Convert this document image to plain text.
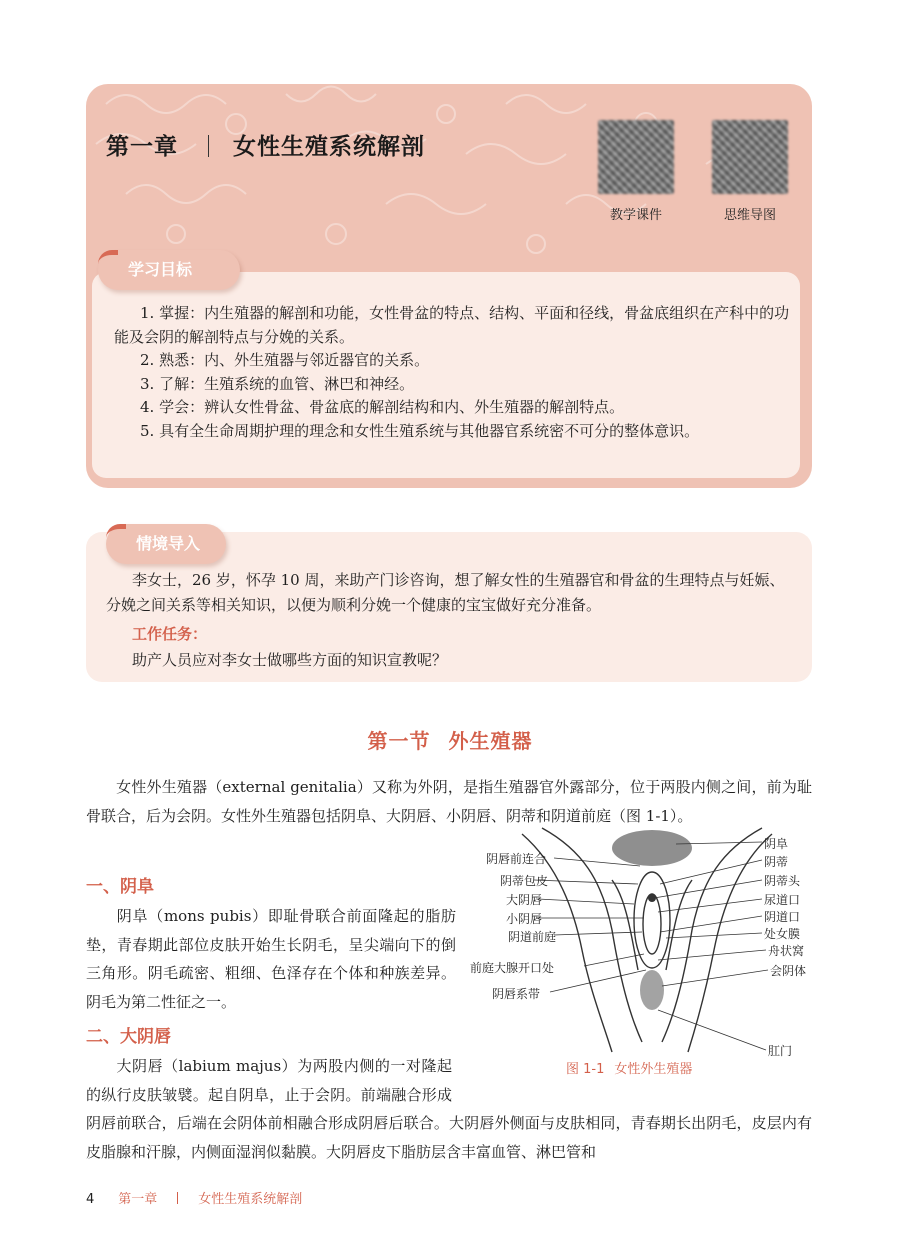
第一章 女性生殖系统解剖
教学课件	思维导图
学习目标
1. 掌握：内生殖器的解剖和功能，女性骨盆的特点、结构、平面和径线，骨盆底组织在产科中的功能及会阴的解剖特点与分娩的关系。
2. 熟悉：内、外生殖器与邻近器官的关系。
3. 了解：生殖系统的血管、淋巴和神经。
4. 学会：辨认女性骨盆、骨盆底的解剖结构和内、外生殖器的解剖特点。
5. 具有全生命周期护理的理念和女性生殖系统与其他器官系统密不可分的整体意识。
情境导入

李女士，26 岁，怀孕 10 周，来助产门诊咨询，想了解女性的生殖器官和骨盆的生理特点与妊娠、分娩之间关系等相关知识，以便为顺利分娩一个健康的宝宝做好充分准备。

工作任务：

助产人员应对李女士做哪些方面的知识宣教呢？

第一节 外生殖器

女性外生殖器（external genitalia）又称为外阴，是指生殖器官外露部分，位于两股内侧之间，前为耻骨联合，后为会阴。女性外生殖器包括阴阜、大阴唇、小阴唇、阴蒂和阴道前庭（图 1-1）。

一、阴阜

阴阜（mons pubis）即耻骨联合前面隆起的脂肪垫，青春期此部位皮肤开始生长阴毛，呈尖端向下的倒三角形。阴毛疏密、粗细、色泽存在个体和种族差异。阴毛为第二性征之一。

二、大阴唇

大阴唇（labium majus）为两股内侧的一对隆起的纵行皮肤皱襞。起自阴阜，止于会阴。前端融合形成阴唇前联合，后端在会阴体前相融合形成阴唇后联合。大阴唇外侧面与皮肤相同，青春期长出阴毛，皮层内有皮脂腺和汗腺，内侧面湿润似黏膜。大阴唇皮下脂肪层含丰富血管、淋巴管和

阴唇前连合
阴蒂包皮
大阴唇
小阴唇
阴道前庭
前庭大腺开口处
阴唇系带
阴阜
阴蒂
阴蒂头
尿道口
阴道口
处女膜
舟状窝
会阴体
肛门
图 1-1 女性外生殖器
4 第一章	女性生殖系统解剖
